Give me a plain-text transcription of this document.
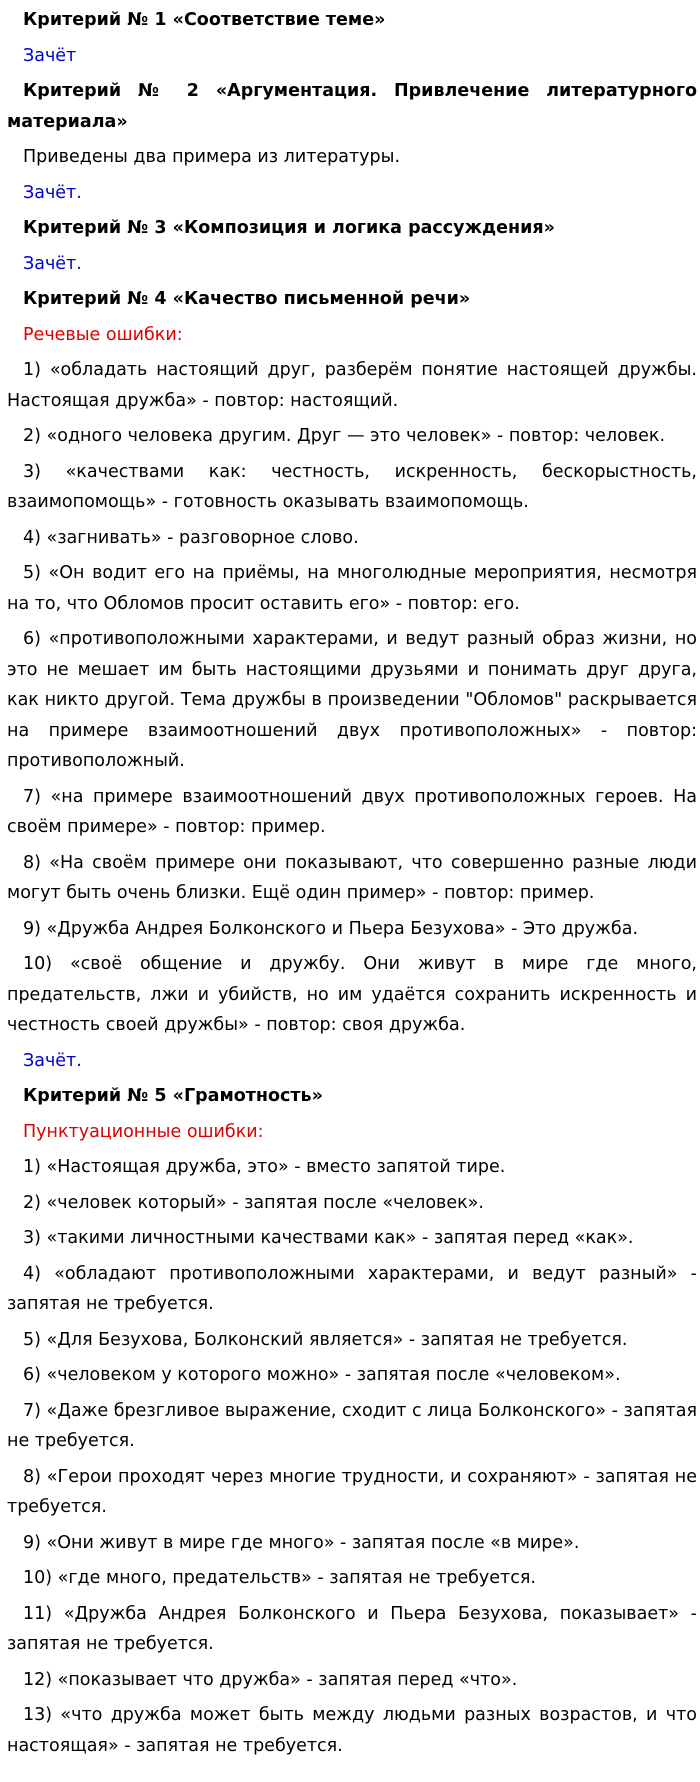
Критерий № 1 «Соответствие теме»

Зачёт

Критерий № 2 «Аргументация. Привлечение литературного материала»

Приведены два примера из литературы.

Зачёт.

Критерий № 3 «Композиция и логика рассуждения»

Зачёт.

Критерий № 4 «Качество письменной речи»

Речевые ошибки:

1) «обладать настоящий друг, разберём понятие настоящей дружбы. Настоящая дружба» - повтор: настоящий.

2) «одного человека другим. Друг — это человек» - повтор: человек.

3) «качествами как: честность, искренность, бескорыстность, взаимопомощь» - готовность оказывать взаимопомощь.

4) «загнивать» - разговорное слово.

5) «Он водит его на приёмы, на многолюдные мероприятия, несмотря на то, что Обломов просит оставить его» - повтор: его.

6) «противоположными характерами, и ведут разный образ жизни, но это не мешает им быть настоящими друзьями и понимать друг друга, как никто другой. Тема дружбы в произведении "Обломов" раскрывается на примере взаимоотношений двух противоположных» - повтор: противоположный.

7) «на примере взаимоотношений двух противоположных героев. На своём примере» - повтор: пример.

8) «На своём примере они показывают, что совершенно разные люди могут быть очень близки. Ещё один пример» - повтор: пример.

9) «Дружба Андрея Болконского и Пьера Безухова» - Это дружба.

10) «своё общение и дружбу. Они живут в мире где много, предательств, лжи и убийств, но им удаётся сохранить искренность и честность своей дружбы» - повтор: своя дружба.

Зачёт.

Критерий № 5 «Грамотность»

Пунктуационные ошибки:

1) «Настоящая дружба, это» - вместо запятой тире.

2) «человек который» - запятая после «человек».

3) «такими личностными качествами как» - запятая перед «как».

4) «обладают противоположными характерами, и ведут разный» - запятая не требуется.

5) «Для Безухова, Болконский является» - запятая не требуется.

6) «человеком у которого можно» - запятая после «человеком».

7) «Даже брезгливое выражение, сходит с лица Болконского» - запятая не требуется.

8) «Герои проходят через многие трудности, и сохраняют» - запятая не требуется.

9) «Они живут в мире где много» - запятая после «в мире».

10) «где много, предательств» - запятая не требуется.

11) «Дружба Андрея Болконского и Пьера Безухова, показывает» - запятая не требуется.

12) «показывает что дружба» - запятая перед «что».

13) «что дружба может быть между людьми разных возрастов, и что настоящая» - запятая не требуется.
